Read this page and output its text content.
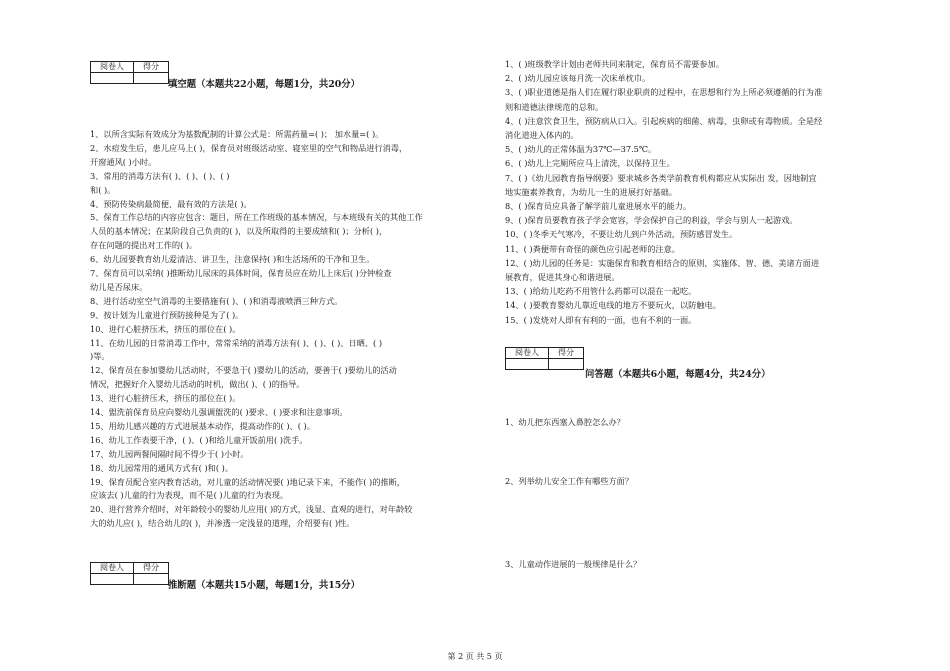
阅卷人	得分

填空题（本题共22小题，每题1分，共20分）
1、以所含实际有效成分为基数配制的计算公式是：所需药量=( )； 加水量=( )。
2、水痘发生后，患儿应马上( )，保育员对班级活动室、寝室里的空气和物品进行消毒，
开窗通风( )小时。
3、常用的消毒方法有( )、( )、( )、( )
和( )。
4、预防传染病最简便、最有效的方法是( )。
5、保育工作总结的内容应包含：题目，所在工作班级的基本情况，与本班级有关的其他工作
人员的基本情况；在某阶段自己负责的( )，以及所取得的主要成绩和( )；分析( )，
存在问题的提出对工作的( )。
6、幼儿园要教育幼儿爱清洁、讲卫生，注意保持( )和生活场所的干净和卫生。
7、保育员可以采纳( )推断幼儿尿床的具体时间，保育员应在幼儿上床后( )分钟检查
幼儿是否尿床。
8、进行活动室空气消毒的主要措施有( )、( )和消毒液喷洒三种方式。
9、按计划为儿童进行预防接种是为了( )。
10、进行心脏挤压术，挤压的部位在( )。
11、在幼儿园的日常消毒工作中，常常采纳的消毒方法有( )、( )、( )、日晒、( )
)等。
12、保育员在参加婴幼儿活动时，不要急于( )婴幼儿的活动，要善于( )要幼儿的活动
情况，把握好介入婴幼儿活动的时机，做出( )、( )的指导。
13、进行心脏挤压术，挤压的部位在( )。
14、盥洗前保育员应向婴幼儿强调盥洗的( )要求、( )要求和注意事项。
15、用幼儿感兴趣的方式进展基本动作，提高动作的( )、( )。
16、幼儿工作表要干净，( )、( )和给儿童开饭前用( )洗手。
17、幼儿园两餐间隔时间不得少于( )小时。
18、幼儿园常用的通风方式有( )和( )。
19、保育员配合室内教育活动，对儿童的活动情况要( )地记录下来，不能作( )的推断，
应该去( )儿童的行为表现，而不是( )儿童的行为表现。
20、进行营养介绍时，对年龄较小的婴幼儿应用( )的方式，浅显、直观的进行，对年龄较
大的幼儿应( )，结合幼儿的( )，并渗透一定浅显的道理，介绍要有( )性。
阅卷人	得分

推断题（本题共15小题，每题1分，共15分）
1、( )班级教学计划由老师共同来制定，保育员不需要参加。
2、( )幼儿园应该每月洗一次床单枕巾。
3、( )职业道德是指人们在履行职业职责的过程中，在思想和行为上所必须遵循的行为准
则和道德法律规范的总和。
4、( )注意饮食卫生，预防病从口入。引起疾病的细菌、病毒、虫卵或有毒物质。全是经
消化道进入体内的。
5、( )幼儿的正常体温为37℃—37.5℃。
6、( )幼儿上完厕所应马上清洗，以保持卫生。
7、( )《幼儿园教育指导纲要》要求城乡各类学前教育机构都应从实际出 发，因地制宜
地实施素养教育，为幼儿一生的进展打好基础。
8、( )保育员应具备了解学前儿童进展水平的能力。
9、( )保育员要教育孩子学会宽容，学会保护自己的利益，学会与别人一起游戏。
10、( )冬季天气寒冷，不要让幼儿到户外活动，预防感冒发生。
11、( )粪便带有奇怪的颜色应引起老师的注意。
12、( )幼儿园的任务是：实施保育和教育相结合的原则，实施体、智、德、美诸方面进
展教育，促进其身心和谐进展。
13、( )给幼儿吃药不用管什么药都可以混在一起吃。
14、( )要教育婴幼儿靠近电线的地方不要玩火，以防触电。
15、( )发烧对人即有有利的一面，也有不利的一面。
阅卷人	得分

问答题（本题共6小题，每题4分，共24分）
1、幼儿把东西塞入鼻腔怎么办？
2、列举幼儿安全工作有哪些方面？
3、儿童动作进展的一般规律是什么？
第 2 页 共 5 页
